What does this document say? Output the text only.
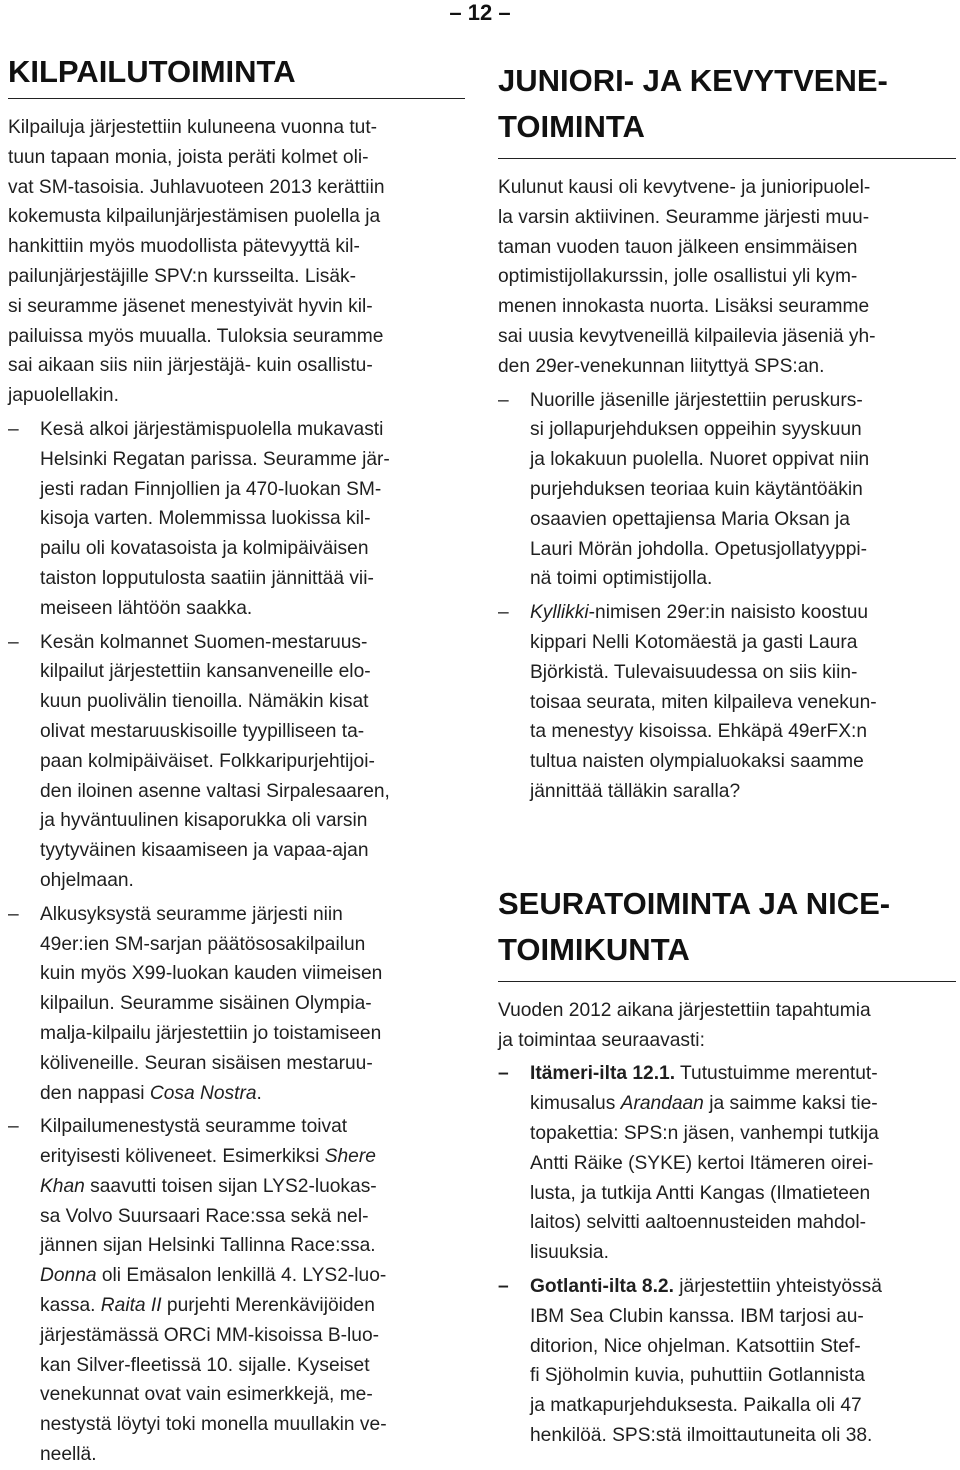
– 12 –
KILPAILUTOIMINTA
Kilpailuja järjestettiin kuluneena vuonna tut-
tuun tapaan monia, joista peräti kolmet oli-
vat SM-tasoisia. Juhlavuoteen 2013 kerättiin
kokemusta kilpailunjärjestämisen puolella ja
hankittiin myös muodollista pätevyyttä kil-
pailunjärjestäjille SPV:n kursseilta. Lisäk-
si seuramme jäsenet menestyivät hyvin kil-
pailuissa myös muualla. Tuloksia seuramme
sai aikaan siis niin järjestäjä- kuin osallistu-
japuolellakin.
– Kesä alkoi järjestämispuolella mukavasti
Helsinki Regatan parissa. Seuramme jär-
jesti radan Finnjollien ja 470-luokan SM-
kisoja varten. Molemmissa luokissa kil-
pailu oli kovatasoista ja kolmipäiväisen
taiston lopputulosta saatiin jännittää vii-
meiseen lähtöön saakka.
– Kesän kolmannet Suomen-mestaruus-
kilpailut järjestettiin kansanveneille elo-
kuun puolivälin tienoilla. Nämäkin kisat
olivat mestaruuskisoille tyypilliseen ta-
paan kolmipäiväiset. Folkkaripurjehtijoi-
den iloinen asenne valtasi Sirpalesaaren,
ja hyväntuulinen kisaporukka oli varsin
tyytyväinen kisaamiseen ja vapaa-ajan
ohjelmaan.
– Alkusyksystä seuramme järjesti niin
49er:ien SM-sarjan päätösosakilpailun
kuin myös X99-luokan kauden viimeisen
kilpailun. Seuramme sisäinen Olympia-
malja-kilpailu järjestettiin jo toistamiseen
köliveneille. Seuran sisäisen mestaruu-
den nappasi Cosa Nostra.
– Kilpailumenestystä seuramme toivat
erityisesti köliveneet. Esimerkiksi Shere
Khan saavutti toisen sijan LYS2-luokas-
sa Volvo Suursaari Race:ssa sekä nel-
jännen sijan Helsinki Tallinna Race:ssa.
Donna oli Emäsalon lenkillä 4. LYS2-luo-
kassa. Raita II purjehti Merenkävijöiden
järjestämässä ORCi MM-kisoissa B-luo-
kan Silver-fleetissä 10. sijalle. Kyseiset
venekunnat ovat vain esimerkkejä, me-
nestystä löytyi toki monella muullakin ve-
neellä.
JUNIORI- JA KEVYTVENE-
TOIMINTA
Kulunut kausi oli kevytvene- ja junioripuolel-
la varsin aktiivinen. Seuramme järjesti muu-
taman vuoden tauon jälkeen ensimmäisen
optimistijollakurssin, jolle osallistui yli kym-
menen innokasta nuorta. Lisäksi seuramme
sai uusia kevytveneillä kilpailevia jäseniä yh-
den 29er-venekunnan liityttyä SPS:an.
– Nuorille jäsenille järjestettiin peruskurs-
si jollapurjehduksen oppeihin syyskuun
ja lokakuun puolella. Nuoret oppivat niin
purjehduksen teoriaa kuin käytäntöäkin
osaavien opettajiensa Maria Oksan ja
Lauri Mörän johdolla. Opetusjollatyyppi-
nä toimi optimistijolla.
– Kyllikki-nimisen 29er:in naisisto koostuu
kippari Nelli Kotomäestä ja gasti Laura
Björkistä. Tulevaisuudessa on siis kiin-
toisaa seurata, miten kilpaileva venekun-
ta menestyy kisoissa. Ehkäpä 49erFX:n
tultua naisten olympialuokaksi saamme
jännittää tälläkin saralla?
SEURATOIMINTA JA NICE-
TOIMIKUNTA
Vuoden 2012 aikana järjestettiin tapahtumia
ja toimintaa seuraavasti:
– Itämeri-ilta 12.1. Tutustuimme merentut-
kimusalus Arandaan ja saimme kaksi tie-
topakettia: SPS:n jäsen, vanhempi tutkija
Antti Räike (SYKE) kertoi Itämeren oirei-
lusta, ja tutkija Antti Kangas (Ilmatieteen
laitos) selvitti aaltoennusteiden mahdol-
lisuuksia.
– Gotlanti-ilta 8.2. järjestettiin yhteistyössä
IBM Sea Clubin kanssa. IBM tarjosi au-
ditorion, Nice ohjelman. Katsottiin Stef-
fi Sjöholmin kuvia, puhuttiin Gotlannista
ja matkapurjehduksesta. Paikalla oli 47
henkilöä. SPS:stä ilmoittautuneita oli 38.
